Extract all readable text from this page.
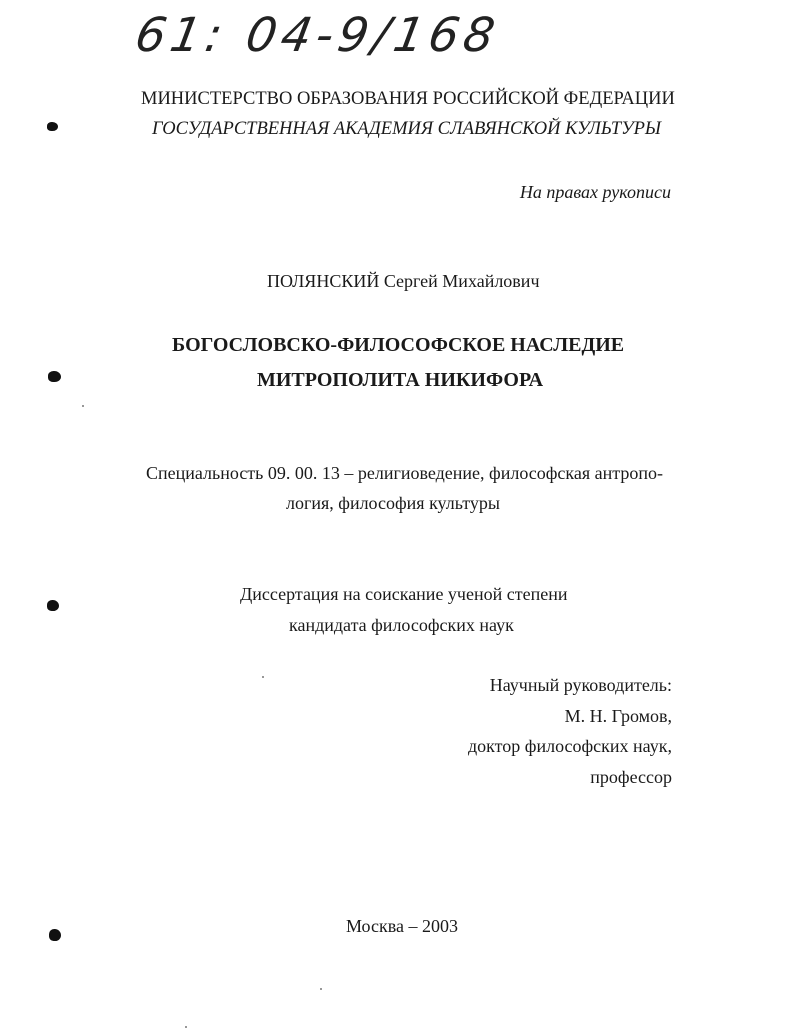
61: 04-9/168
МИНИСТЕРСТВО ОБРАЗОВАНИЯ РОССИЙСКОЙ ФЕДЕРАЦИИ
ГОСУДАРСТВЕННАЯ АКАДЕМИЯ СЛАВЯНСКОЙ КУЛЬТУРЫ
На правах рукописи
ПОЛЯНСКИЙ Сергей Михайлович
БОГОСЛОВСКО-ФИЛОСОФСКОЕ НАСЛЕДИЕ
МИТРОПОЛИТА НИКИФОРА
Специальность 09. 00. 13 – религиоведение, философская антропо-
логия, философия культуры
Диссертация на соискание ученой степени
кандидата философских наук
Научный руководитель:
М. Н. Громов,
доктор философских наук,
профессор
Москва – 2003
